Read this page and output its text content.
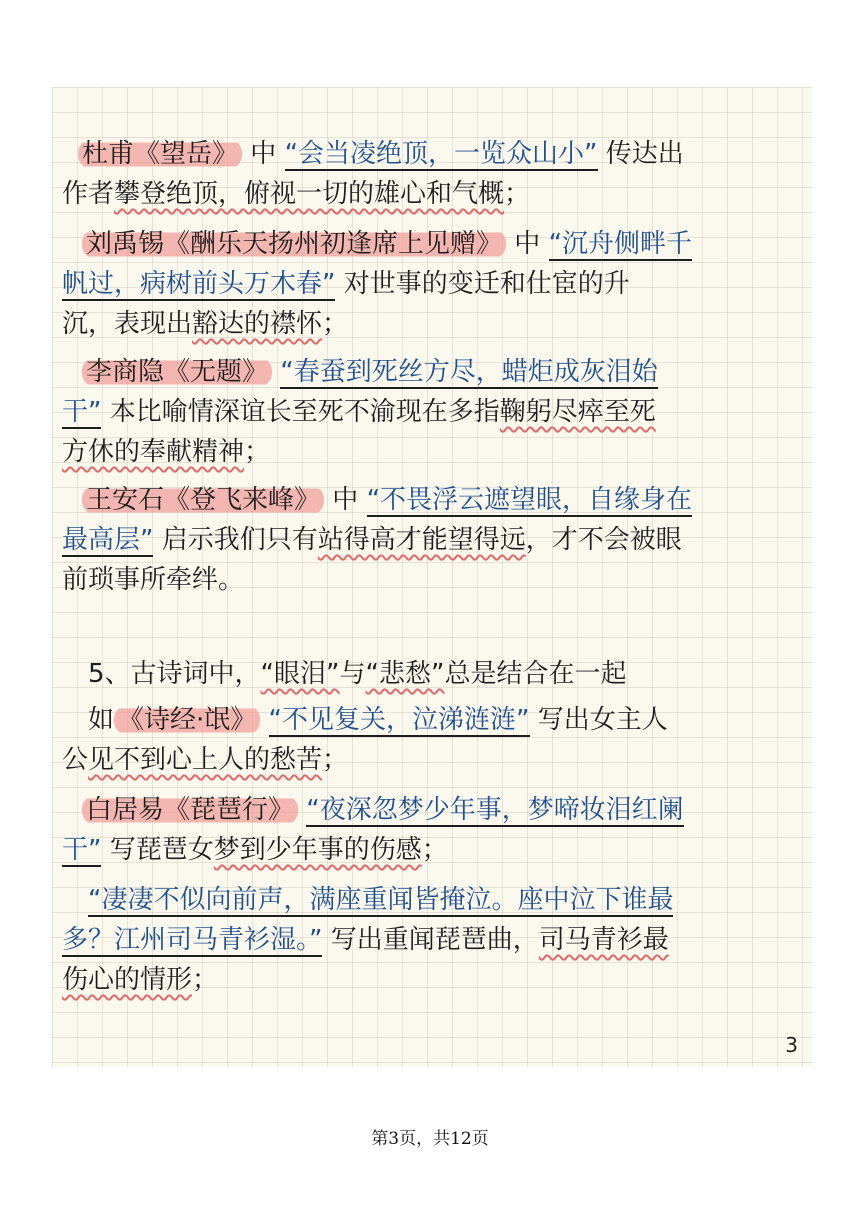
杜甫《望岳》 中 “会当凌绝顶，一览众山小” 传达出
作者攀登绝顶，俯视一切的雄心和气概；
刘禹锡《酬乐天扬州初逢席上见赠》 中 “沉舟侧畔千
帆过，病树前头万木春” 对世事的变迁和仕宦的升
沉，表现出豁达的襟怀；
李商隐《无题》 “春蚕到死丝方尽，蜡炬成灰泪始
干” 本比喻情深谊长至死不渝现在多指鞠躬尽瘁至死
方休的奉献精神；
王安石《登飞来峰》 中 “不畏浮云遮望眼，自缘身在
最高层” 启示我们只有站得高才能望得远，才不会被眼
前琐事所牵绊。
5、古诗词中，“眼泪”与“悲愁”总是结合在一起
如 《诗经·氓》 “不见复关，泣涕涟涟” 写出女主人
公见不到心上人的愁苦；
白居易《琵琶行》 “夜深忽梦少年事，梦啼妆泪红阑
干” 写琵琶女梦到少年事的伤感；
“凄凄不似向前声，满座重闻皆掩泣。座中泣下谁最
多？江州司马青衫湿。” 写出重闻琵琶曲，司马青衫最
伤心的情形；
3
第3页，共12页
